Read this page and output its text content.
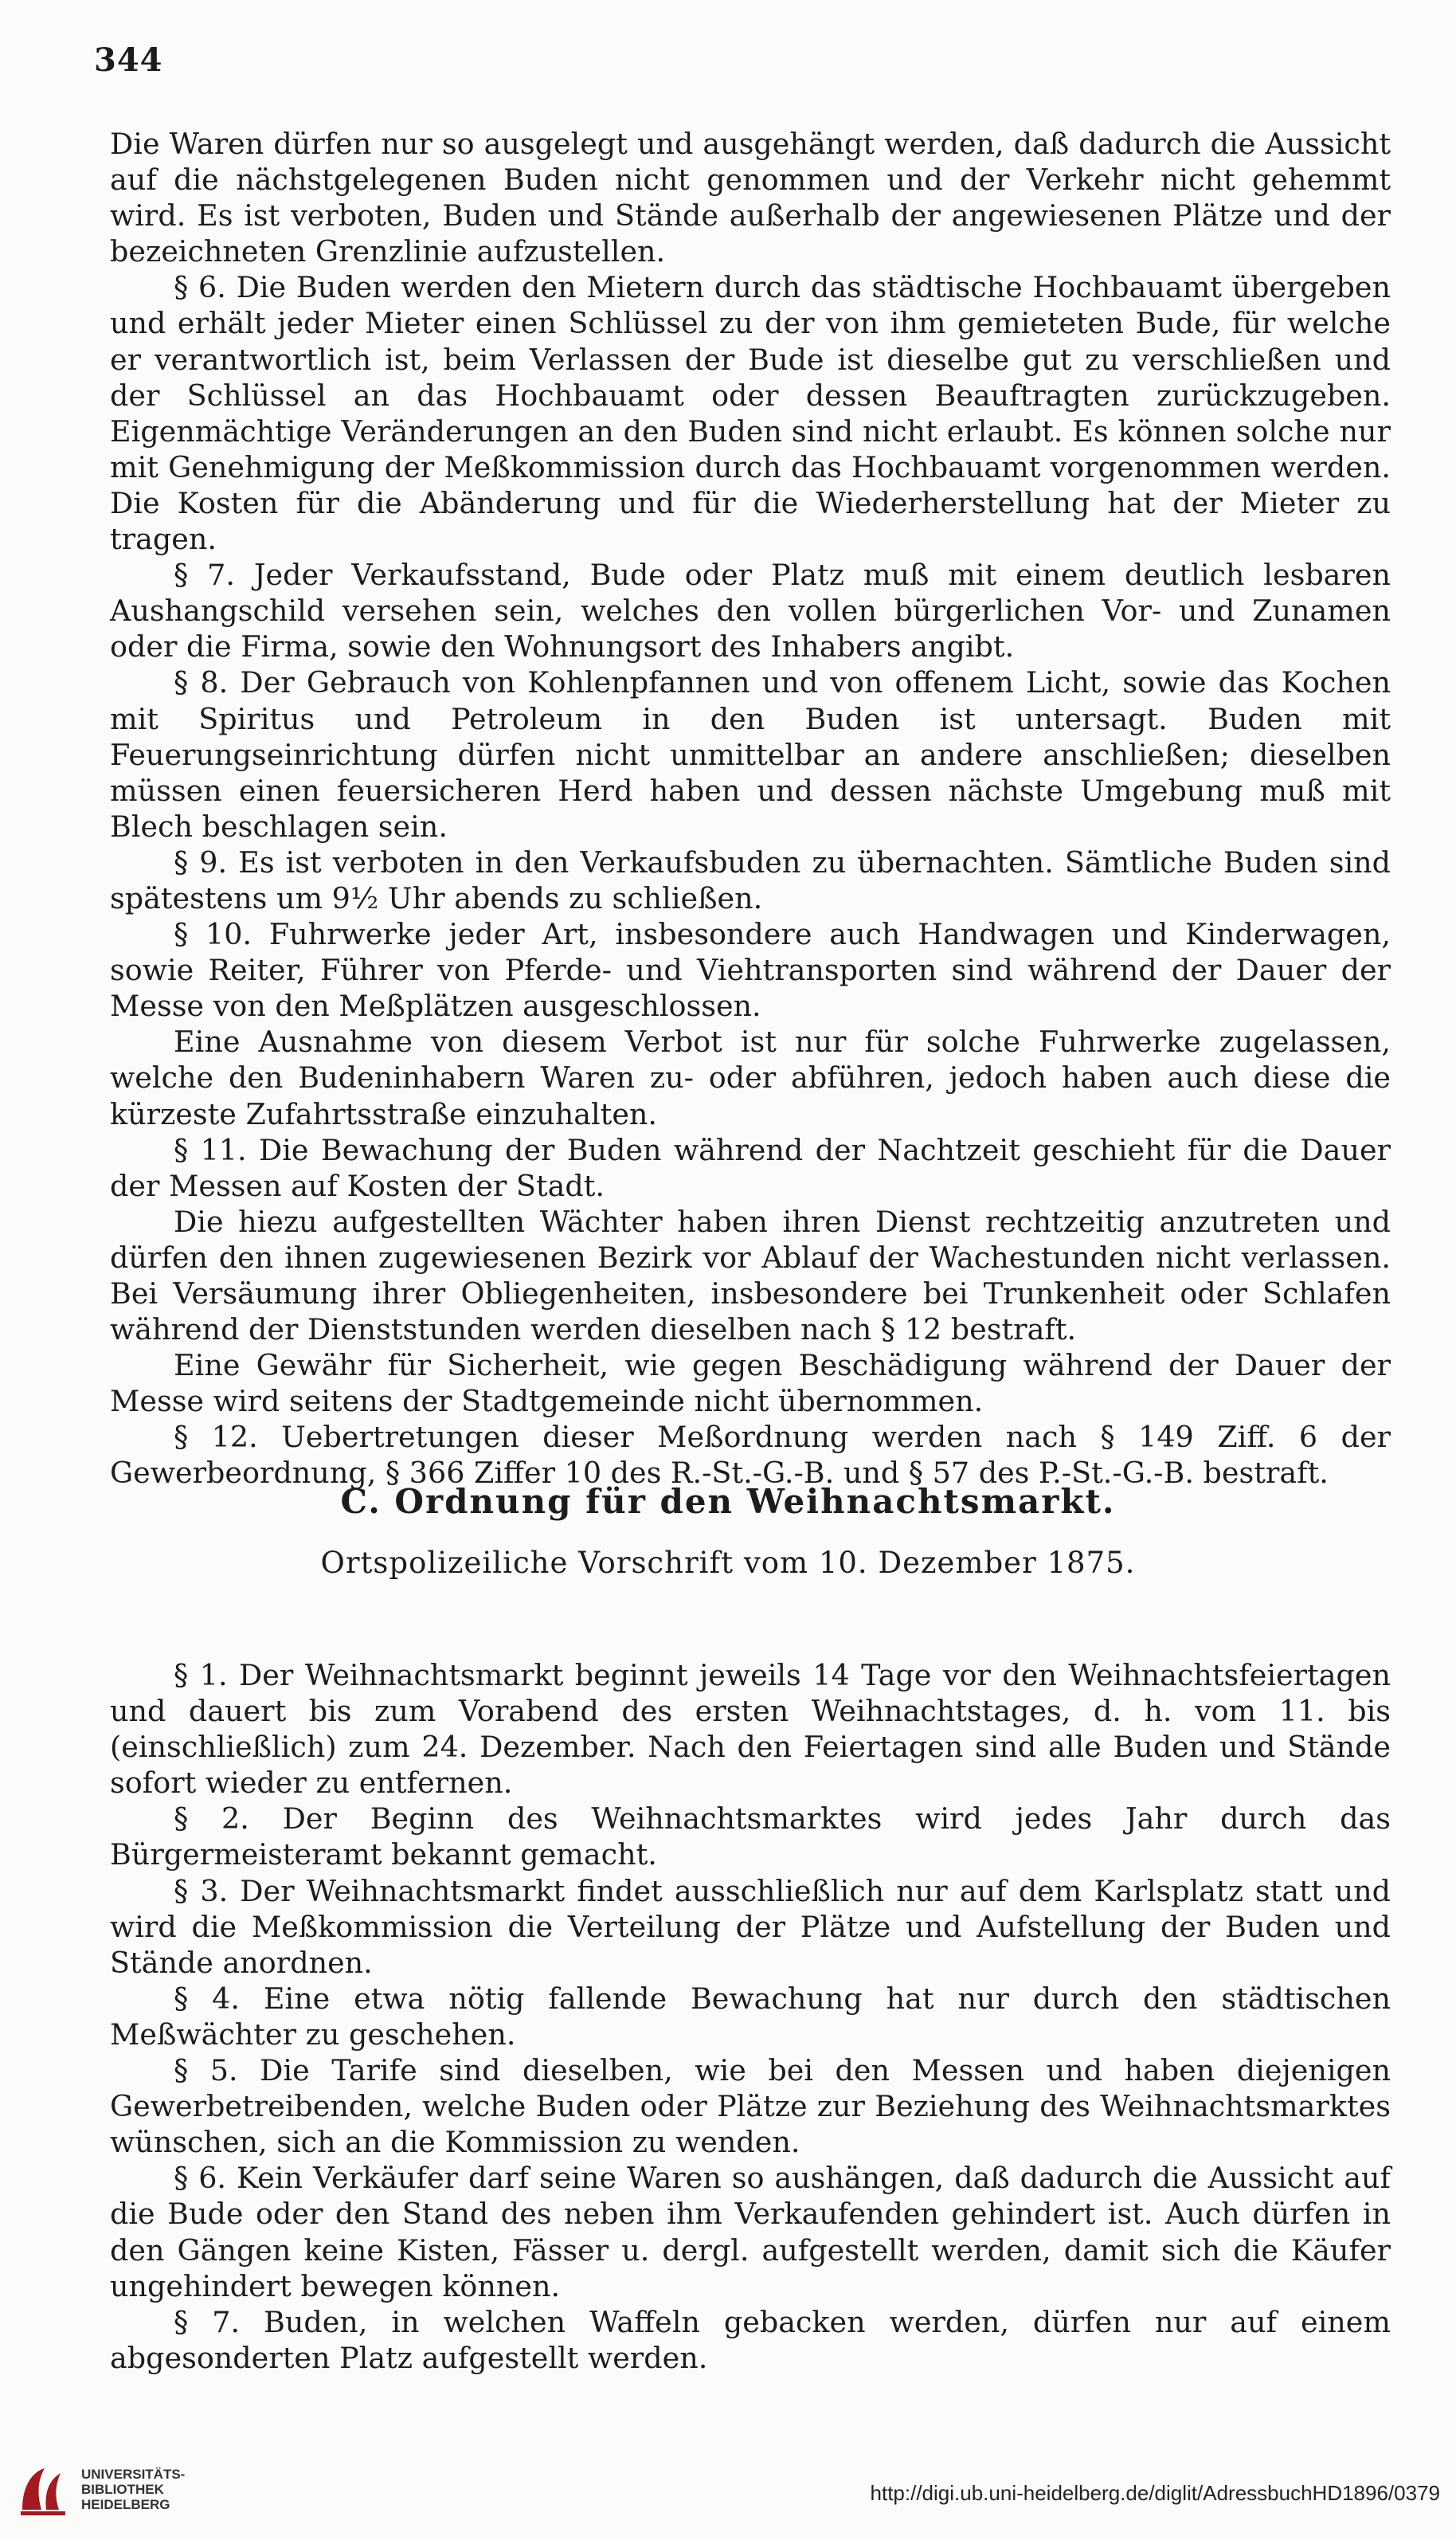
344

Die Waren dürfen nur so ausgelegt und ausgehängt werden, daß dadurch die Aussicht auf die nächstgelegenen Buden nicht genommen und der Verkehr nicht gehemmt wird. Es ist verboten, Buden und Stände außerhalb der angewiesenen Plätze und der bezeichneten Grenzlinie aufzustellen.

§ 6. Die Buden werden den Mietern durch das städtische Hochbauamt übergeben und erhält jeder Mieter einen Schlüssel zu der von ihm gemieteten Bude, für welche er verantwortlich ist, beim Verlassen der Bude ist dieselbe gut zu verschließen und der Schlüssel an das Hochbauamt oder dessen Beauftragten zurückzugeben. Eigenmächtige Veränderungen an den Buden sind nicht erlaubt. Es können solche nur mit Genehmigung der Meßkommission durch das Hochbauamt vorgenommen werden. Die Kosten für die Abänderung und für die Wiederherstellung hat der Mieter zu tragen.

§ 7. Jeder Verkaufsstand, Bude oder Platz muß mit einem deutlich lesbaren Aushangschild versehen sein, welches den vollen bürgerlichen Vor- und Zunamen oder die Firma, sowie den Wohnungsort des Inhabers angibt.

§ 8. Der Gebrauch von Kohlenpfannen und von offenem Licht, sowie das Kochen mit Spiritus und Petroleum in den Buden ist untersagt. Buden mit Feuerungseinrichtung dürfen nicht unmittelbar an andere anschließen; dieselben müssen einen feuersicheren Herd haben und dessen nächste Umgebung muß mit Blech beschlagen sein.

§ 9. Es ist verboten in den Verkaufsbuden zu übernachten. Sämtliche Buden sind spätestens um 9½ Uhr abends zu schließen.

§ 10. Fuhrwerke jeder Art, insbesondere auch Handwagen und Kinderwagen, sowie Reiter, Führer von Pferde- und Viehtransporten sind während der Dauer der Messe von den Meßplätzen ausgeschlossen.

Eine Ausnahme von diesem Verbot ist nur für solche Fuhrwerke zugelassen, welche den Budeninhabern Waren zu- oder abführen, jedoch haben auch diese die kürzeste Zufahrtsstraße einzuhalten.

§ 11. Die Bewachung der Buden während der Nachtzeit geschieht für die Dauer der Messen auf Kosten der Stadt.

Die hiezu aufgestellten Wächter haben ihren Dienst rechtzeitig anzutreten und dürfen den ihnen zugewiesenen Bezirk vor Ablauf der Wachestunden nicht verlassen. Bei Versäumung ihrer Obliegenheiten, insbesondere bei Trunkenheit oder Schlafen während der Dienststunden werden dieselben nach § 12 bestraft.

Eine Gewähr für Sicherheit, wie gegen Beschädigung während der Dauer der Messe wird seitens der Stadtgemeinde nicht übernommen.

§ 12. Uebertretungen dieser Meßordnung werden nach § 149 Ziff. 6 der Gewerbeordnung, § 366 Ziffer 10 des R.-St.-G.-B. und § 57 des P.-St.-G.-B. bestraft.

C. Ordnung für den Weihnachtsmarkt.
Ortspolizeiliche Vorschrift vom 10. Dezember 1875.

§ 1. Der Weihnachtsmarkt beginnt jeweils 14 Tage vor den Weihnachtsfeiertagen und dauert bis zum Vorabend des ersten Weihnachtstages, d. h. vom 11. bis (einschließlich) zum 24. Dezember. Nach den Feiertagen sind alle Buden und Stände sofort wieder zu entfernen.

§ 2. Der Beginn des Weihnachtsmarktes wird jedes Jahr durch das Bürgermeisteramt bekannt gemacht.

§ 3. Der Weihnachtsmarkt findet ausschließlich nur auf dem Karlsplatz statt und wird die Meßkommission die Verteilung der Plätze und Aufstellung der Buden und Stände anordnen.

§ 4. Eine etwa nötig fallende Bewachung hat nur durch den städtischen Meßwächter zu geschehen.

§ 5. Die Tarife sind dieselben, wie bei den Messen und haben diejenigen Gewerbetreibenden, welche Buden oder Plätze zur Beziehung des Weihnachtsmarktes wünschen, sich an die Kommission zu wenden.

§ 6. Kein Verkäufer darf seine Waren so aushängen, daß dadurch die Aussicht auf die Bude oder den Stand des neben ihm Verkaufenden gehindert ist. Auch dürfen in den Gängen keine Kisten, Fässer u. dergl. aufgestellt werden, damit sich die Käufer ungehindert bewegen können.

§ 7. Buden, in welchen Waffeln gebacken werden, dürfen nur auf einem abgesonderten Platz aufgestellt werden.

UNIVERSITÄTS-
BIBLIOTHEK
HEIDELBERG	http://digi.ub.uni-heidelberg.de/diglit/AdressbuchHD1896/0379
